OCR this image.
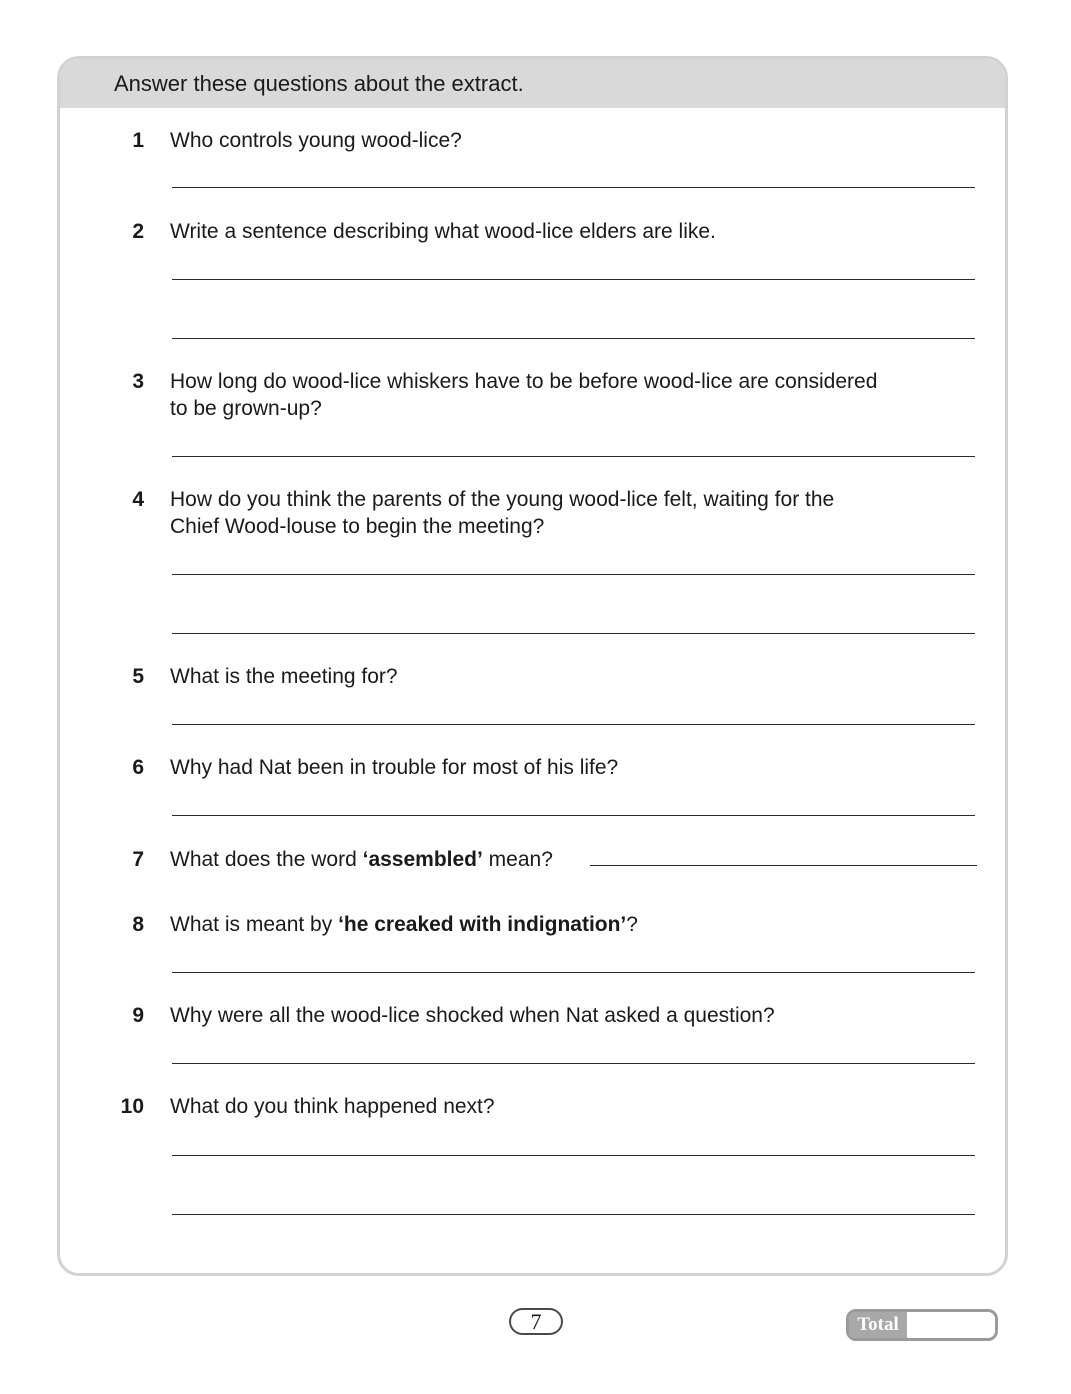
Answer these questions about the extract.
1 Who controls young wood-lice?
2 Write a sentence describing what wood-lice elders are like.
3 How long do wood-lice whiskers have to be before wood-lice are considered
to be grown-up?
4 How do you think the parents of the young wood-lice felt, waiting for the
Chief Wood-louse to begin the meeting?
5 What is the meeting for?
6 Why had Nat been in trouble for most of his life?
7 What does the word ‘assembled’ mean?
8 What is meant by ‘he creaked with indignation’?
9 Why were all the wood-lice shocked when Nat asked a question?
10 What do you think happened next?
7	Total
